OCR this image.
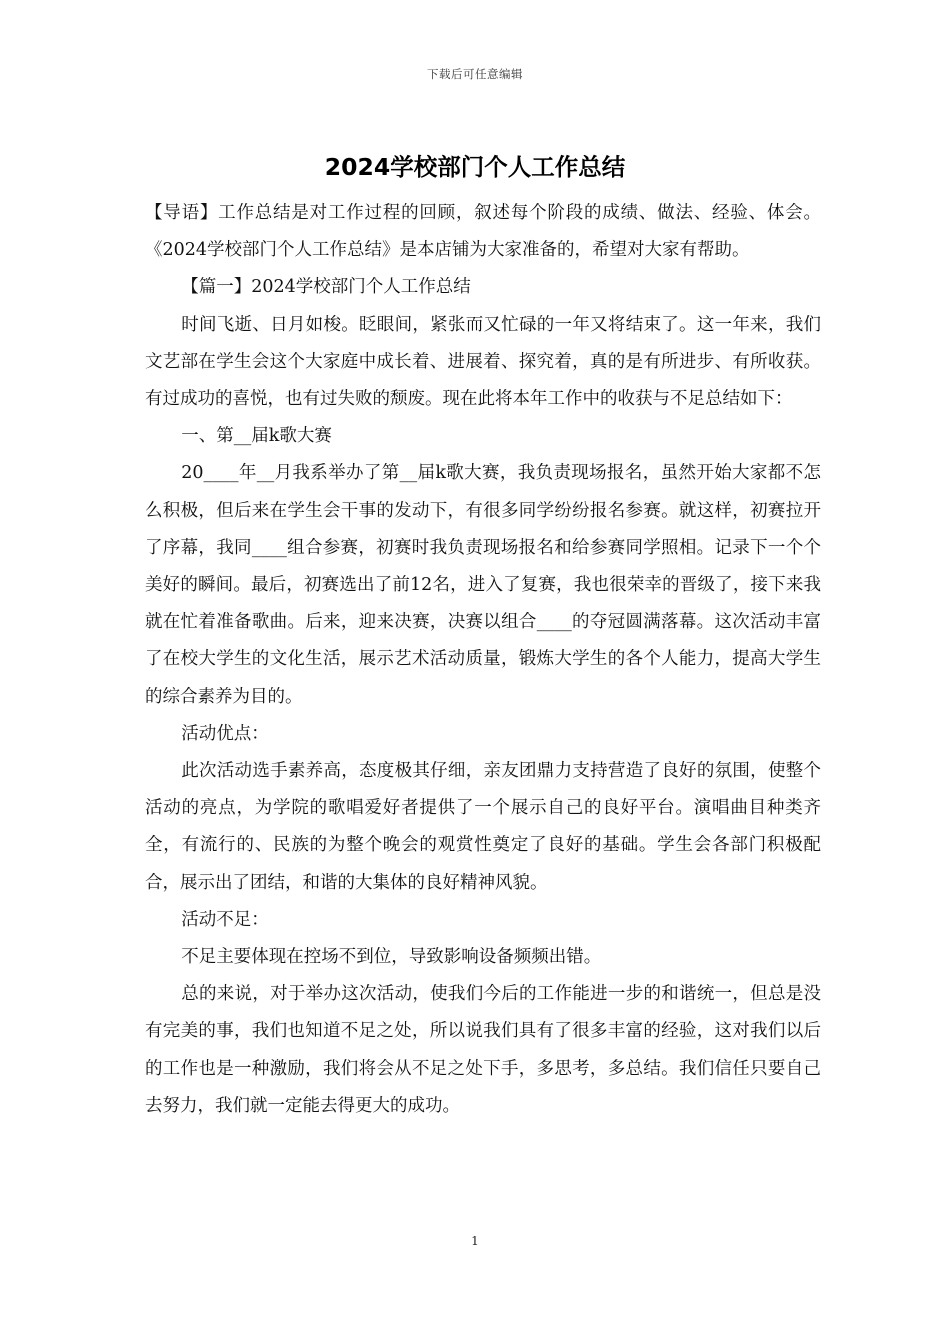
下载后可任意编辑
2024学校部门个人工作总结

【导语】工作总结是对工作过程的回顾，叙述每个阶段的成绩、做法、经验、体会。《2024学校部门个人工作总结》是本店铺为大家准备的，希望对大家有帮助。

【篇一】2024学校部门个人工作总结

时间飞逝、日月如梭。眨眼间，紧张而又忙碌的一年又将结束了。这一年来，我们文艺部在学生会这个大家庭中成长着、进展着、探究着，真的是有所进步、有所收获。有过成功的喜悦，也有过失败的颓废。现在此将本年工作中的收获与不足总结如下：

一、第__届k歌大赛

20____年__月我系举办了第__届k歌大赛，我负责现场报名，虽然开始大家都不怎么积极，但后来在学生会干事的发动下，有很多同学纷纷报名参赛。就这样，初赛拉开了序幕，我同____组合参赛，初赛时我负责现场报名和给参赛同学照相。记录下一个个美好的瞬间。最后，初赛选出了前12名，进入了复赛，我也很荣幸的晋级了，接下来我就在忙着准备歌曲。后来，迎来决赛，决赛以组合____的夺冠圆满落幕。这次活动丰富了在校大学生的文化生活，展示艺术活动质量，锻炼大学生的各个人能力，提高大学生的综合素养为目的。

活动优点：

此次活动选手素养高，态度极其仔细，亲友团鼎力支持营造了良好的氛围，使整个活动的亮点，为学院的歌唱爱好者提供了一个展示自己的良好平台。演唱曲目种类齐全，有流行的、民族的为整个晚会的观赏性奠定了良好的基础。学生会各部门积极配合，展示出了团结，和谐的大集体的良好精神风貌。

活动不足：

不足主要体现在控场不到位，导致影响设备频频出错。

总的来说，对于举办这次活动，使我们今后的工作能进一步的和谐统一，但总是没有完美的事，我们也知道不足之处，所以说我们具有了很多丰富的经验，这对我们以后的工作也是一种激励，我们将会从不足之处下手，多思考，多总结。我们信任只要自己去努力，我们就一定能去得更大的成功。

1
